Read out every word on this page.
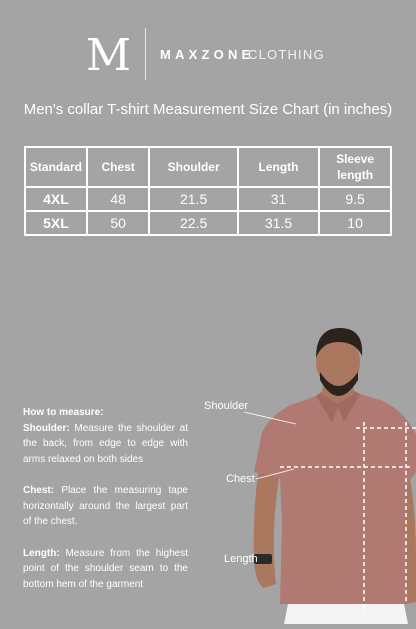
M MAXZONE
CLOTHING
Men's collar T-shirt Measurement Size Chart (in inches)
Standard	Chest	Shoulder	Length	Sleeve length
4XL	48	21.5	31	9.5
5XL	50	22.5	31.5	10
How to measure:

Shoulder: Measure the shoulder at the back, from edge to edge with arms relaxed on both sides

Chest: Place the measuring tape horizontally around the largest part of the chest.

Length: Measure from the highest point of the shoulder seam to the bottom hem of the garment

Shoulder
Chest
Length
